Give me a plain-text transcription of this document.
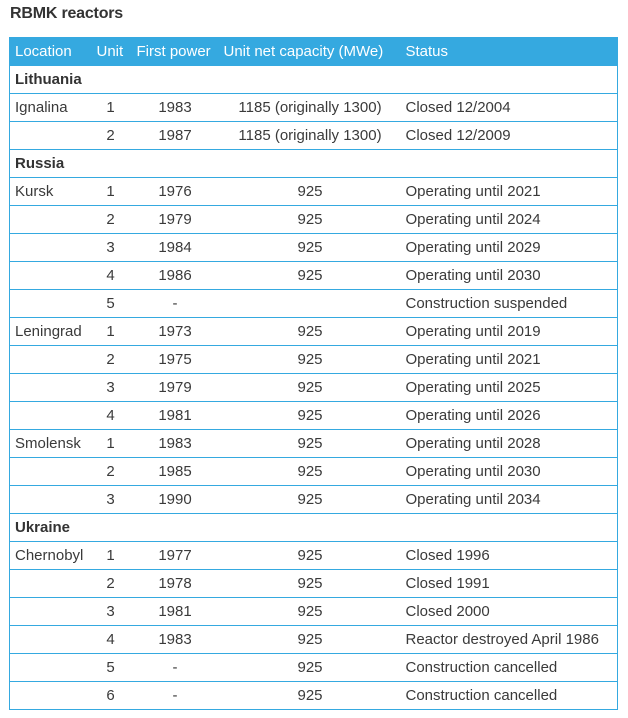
RBMK reactors
Location	Unit	First power	Unit net capacity (MWe)	Status
Lithuania				
Ignalina	1	1983	1185 (originally 1300)	Closed 12/2004
	2	1987	1185 (originally 1300)	Closed 12/2009
Russia				
Kursk	1	1976	925	Operating until 2021
	2	1979	925	Operating until 2024
	3	1984	925	Operating until 2029
	4	1986	925	Operating until 2030
	5	-		Construction suspended
Leningrad	1	1973	925	Operating until 2019
	2	1975	925	Operating until 2021
	3	1979	925	Operating until 2025
	4	1981	925	Operating until 2026
Smolensk	1	1983	925	Operating until 2028
	2	1985	925	Operating until 2030
	3	1990	925	Operating until 2034
Ukraine				
Chernobyl	1	1977	925	Closed 1996
	2	1978	925	Closed 1991
	3	1981	925	Closed 2000
	4	1983	925	Reactor destroyed April 1986
	5	-	925	Construction cancelled
	6	-	925	Construction cancelled
